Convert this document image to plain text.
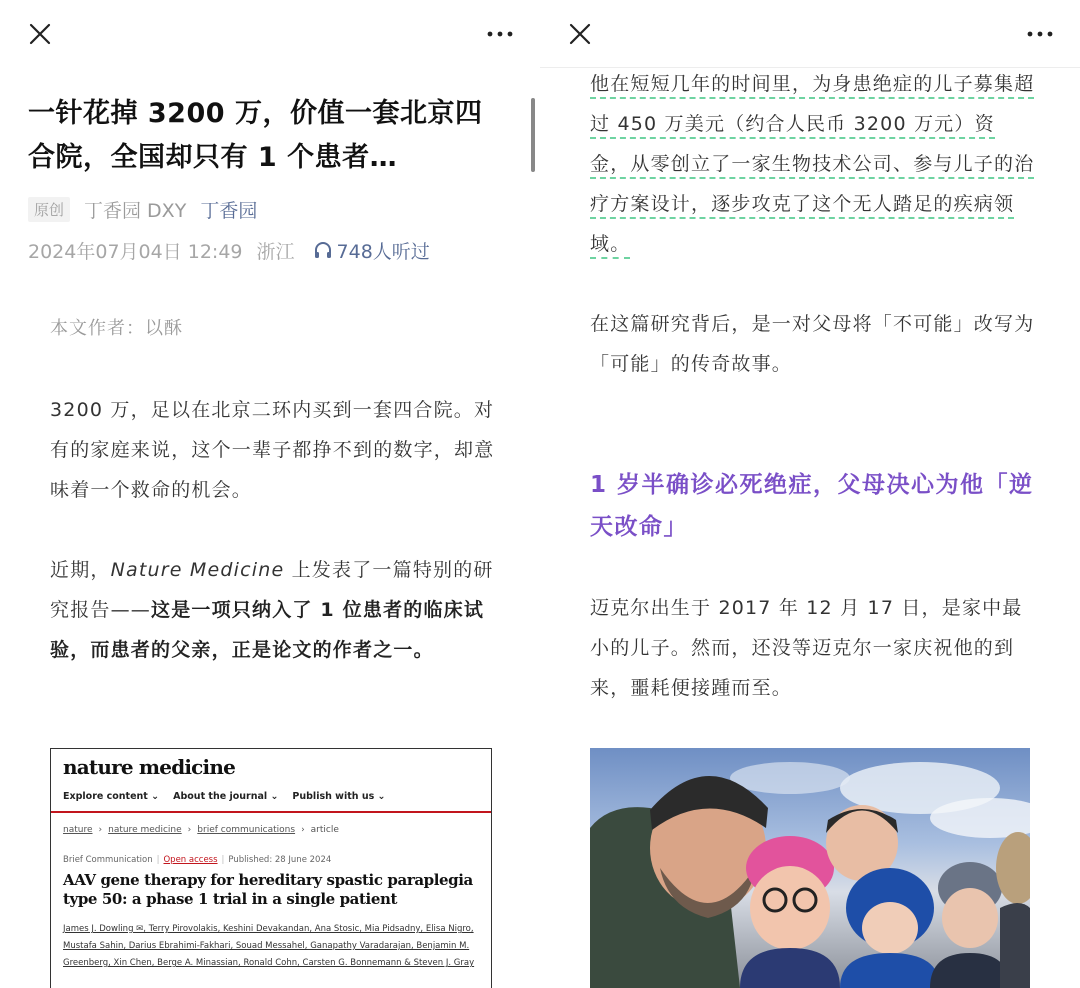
一针花掉 3200 万，价值一套北京四合院，全国却只有 1 个患者…
原创	丁香园 DXY 丁香园
2024年07月04日 12:49 浙江 748人听过
本文作者：以酥
3200 万，足以在北京二环内买到一套四合院。对有的家庭来说，这个一辈子都挣不到的数字，却意味着一个救命的机会。
近期，Nature Medicine 上发表了一篇特别的研究报告——这是一项只纳入了 1 位患者的临床试验，而患者的父亲，正是论文的作者之一。
nature medicine
Explore content ⌄ About the journal ⌄ Publish with us ⌄
nature › nature medicine › brief communications › article
Brief Communication | Open access | Published: 28 June 2024
AAV gene therapy for hereditary spastic paraplegia type 50: a phase 1 trial in a single patient
James J. Dowling ✉, Terry Pirovolakis, Keshini Devakandan, Ana Stosic, Mia Pidsadny, Elisa Nigro, Mustafa Sahin, Darius Ebrahimi-Fakhari, Souad Messahel, Ganapathy Varadarajan, Benjamin M. Greenberg, Xin Chen, Berge A. Minassian, Ronald Cohn, Carsten G. Bonnemann & Steven J. Gray
他在短短几年的时间里，为身患绝症的儿子募集超过 450 万美元（约合人民币 3200 万元）资金，从零创立了一家生物技术公司、参与儿子的治疗方案设计，逐步攻克了这个无人踏足的疾病领域。
在这篇研究背后，是一对父母将「不可能」改写为「可能」的传奇故事。
1 岁半确诊必死绝症，父母决心为他「逆天改命」
迈克尔出生于 2017 年 12 月 17 日，是家中最小的儿子。然而，还没等迈克尔一家庆祝他的到来，噩耗便接踵而至。
